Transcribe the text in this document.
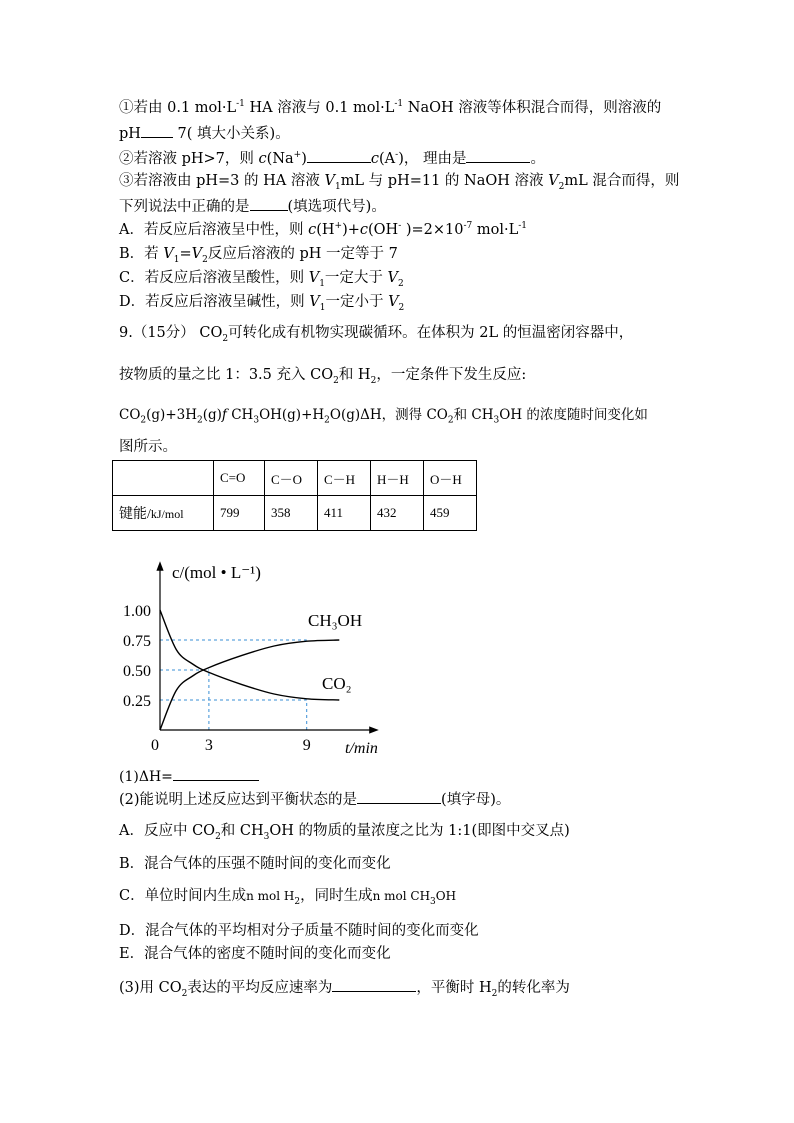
①若由 0.1 $mol\cdot L^{-1}$ HA 溶液与 0.1 $mol\cdot L^{-1}$ NaOH 溶液等体积混合而得，则溶液的
pH 7( 填大小关系)。
②若溶液 pH>7，则 c(Na+)	c(A-)， 理由是	。
③若溶液由 pH=3 的 HA 溶液 $V_1mL$ 与 pH=11 的 NaOH 溶液 $V_2mL$ 混合而得，则
下列说法中正确的是	(填选项代号)。
A．若反应后溶液呈中性，则 c(H+)+c(OH- )$=2\times 10^{-7}$ $mol\cdot L^{-1}$
B．若 $V_1=V_2$反应后溶液的 pH 一定等于 7
C．若反应后溶液呈酸性，则 $V_1$一定大于 $V_2$
D．若反应后溶液呈碱性，则 $V_1$一定小于 $V_2$
9.（15分） $CO_2$可转化成有机物实现碳循环。在体积为 2L 的恒温密闭容器中，
按物质的量之比 1：3.5 充入 $CO_2$和 $H_2$，一定条件下发生反应:
$CO_2(g)+3H_2(g)f$ $CH_3OH(g)+H_2O(g)\Delta H$，测得 $CO_2$和 $CH_3OH$ 的浓度随时间变化如
图所示。
	C=O	C－O	C－H	H－H	O－H
键能/kJ/mol	799	358	411	432	459
1.00
0.75
0.50
0.25
0	3	9
CH₃OH
CO₂
c/(mol • L⁻¹)
t/min
(1)ΔH=
(2)能说明上述反应达到平衡状态的是	(填字母)。
A．反应中 $CO_2$和 $CH_3OH$ 的物质的量浓度之比为 1:1(即图中交叉点)
B．混合气体的压强不随时间的变化而变化
C．单位时间内生成n mol $H_2$，同时生成n mol $CH_3OH$
D．混合气体的平均相对分子质量不随时间的变化而变化
E．混合气体的密度不随时间的变化而变化
(3)用 $CO_2$表达的平均反应速率为	，平衡时 $H_2$的转化率为
